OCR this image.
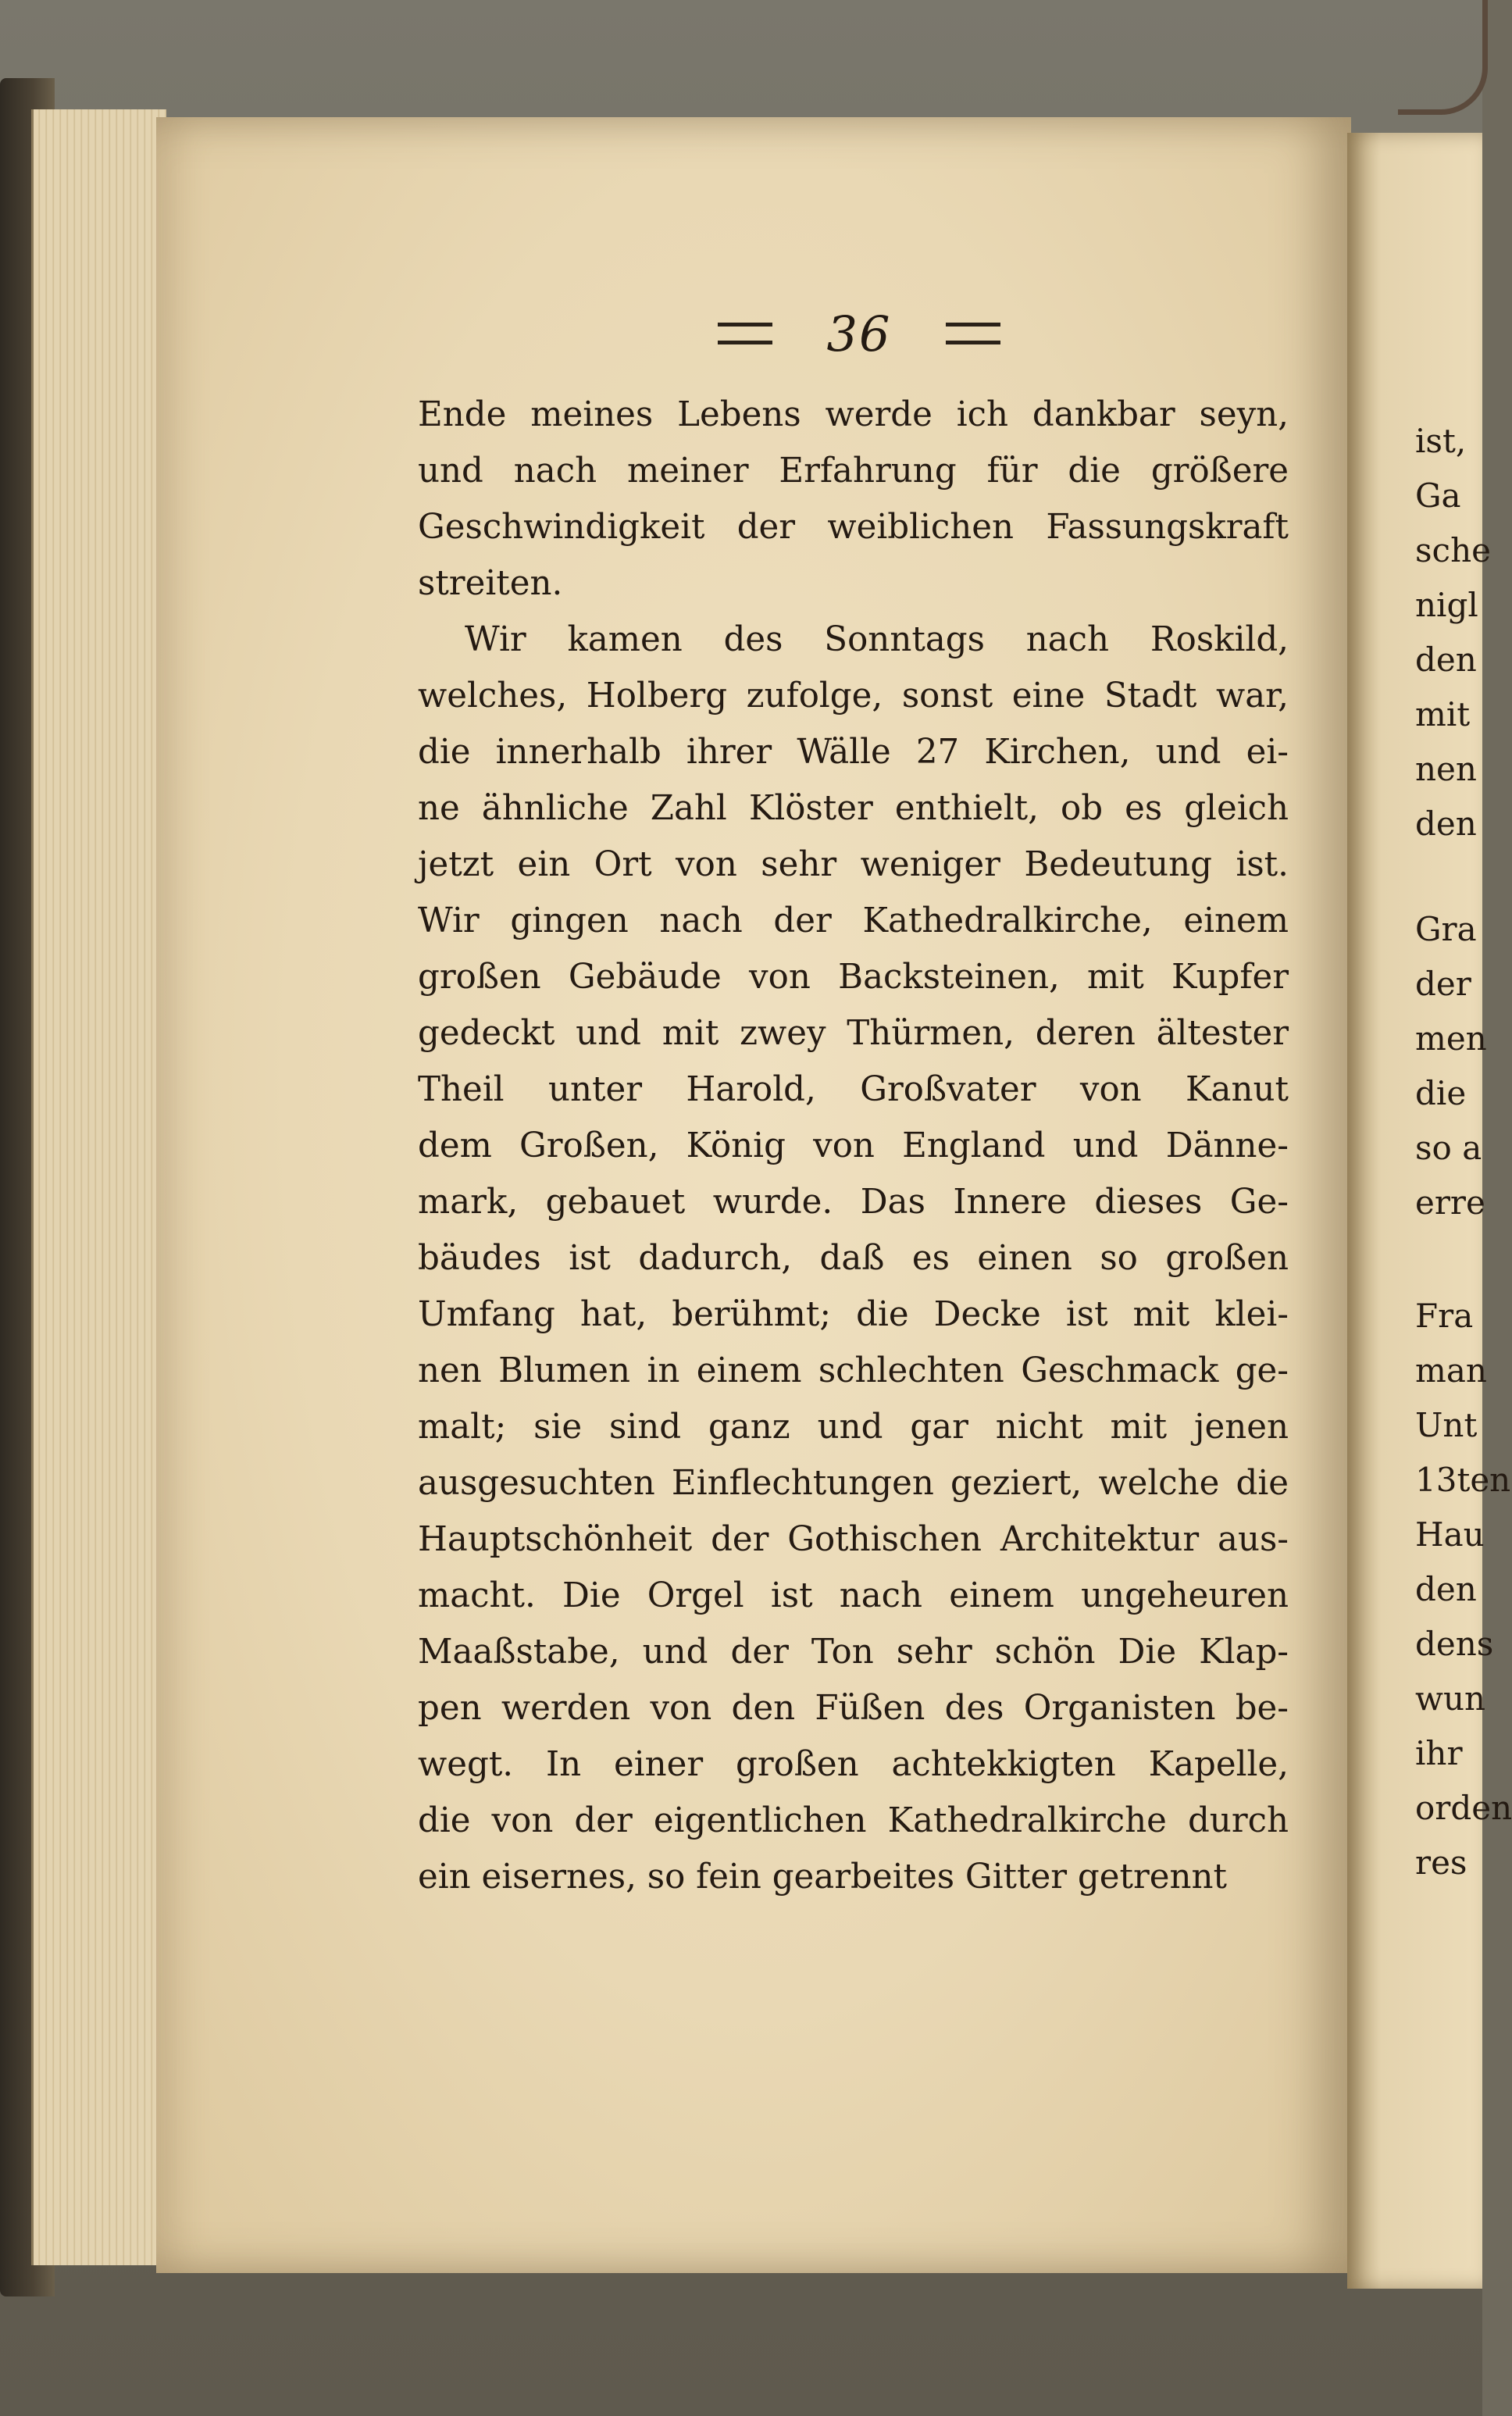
36
Ende meines Lebens werde ich dankbar seyn,
und nach meiner Erfahrung für die größere
Geschwindigkeit der weiblichen Fassungskraft
streiten.
Wir kamen des Sonntags nach Roskild,
welches, Holberg zufolge, sonst eine Stadt war,
die innerhalb ihrer Wälle 27 Kirchen, und ei-
ne ähnliche Zahl Klöster enthielt, ob es gleich
jetzt ein Ort von sehr weniger Bedeutung ist.
Wir gingen nach der Kathedralkirche, einem
großen Gebäude von Backsteinen, mit Kupfer
gedeckt und mit zwey Thürmen, deren ältester
Theil unter Harold, Großvater von Kanut
dem Großen, König von England und Dänne-
mark, gebauet wurde. Das Innere dieses Ge-
bäudes ist dadurch, daß es einen so großen
Umfang hat, berühmt; die Decke ist mit klei-
nen Blumen in einem schlechten Geschmack ge-
malt; sie sind ganz und gar nicht mit jenen
ausgesuchten Einflechtungen geziert, welche die
Hauptschönheit der Gothischen Architektur aus-
macht. Die Orgel ist nach einem ungeheuren
Maaßstabe, und der Ton sehr schön Die Klap-
pen werden von den Füßen des Organisten be-
wegt. In einer großen achtekkigten Kapelle,
die von der eigentlichen Kathedralkirche durch
ein eisernes, so fein gearbeites Gitter getrennt
ist,
Ga
sche
nigl
den
mit
nen
den
Gra
der
men
die
so a
erre
Fra
man
Unt
13ten
Hau
den
dens
wun
ihr
orden
res
